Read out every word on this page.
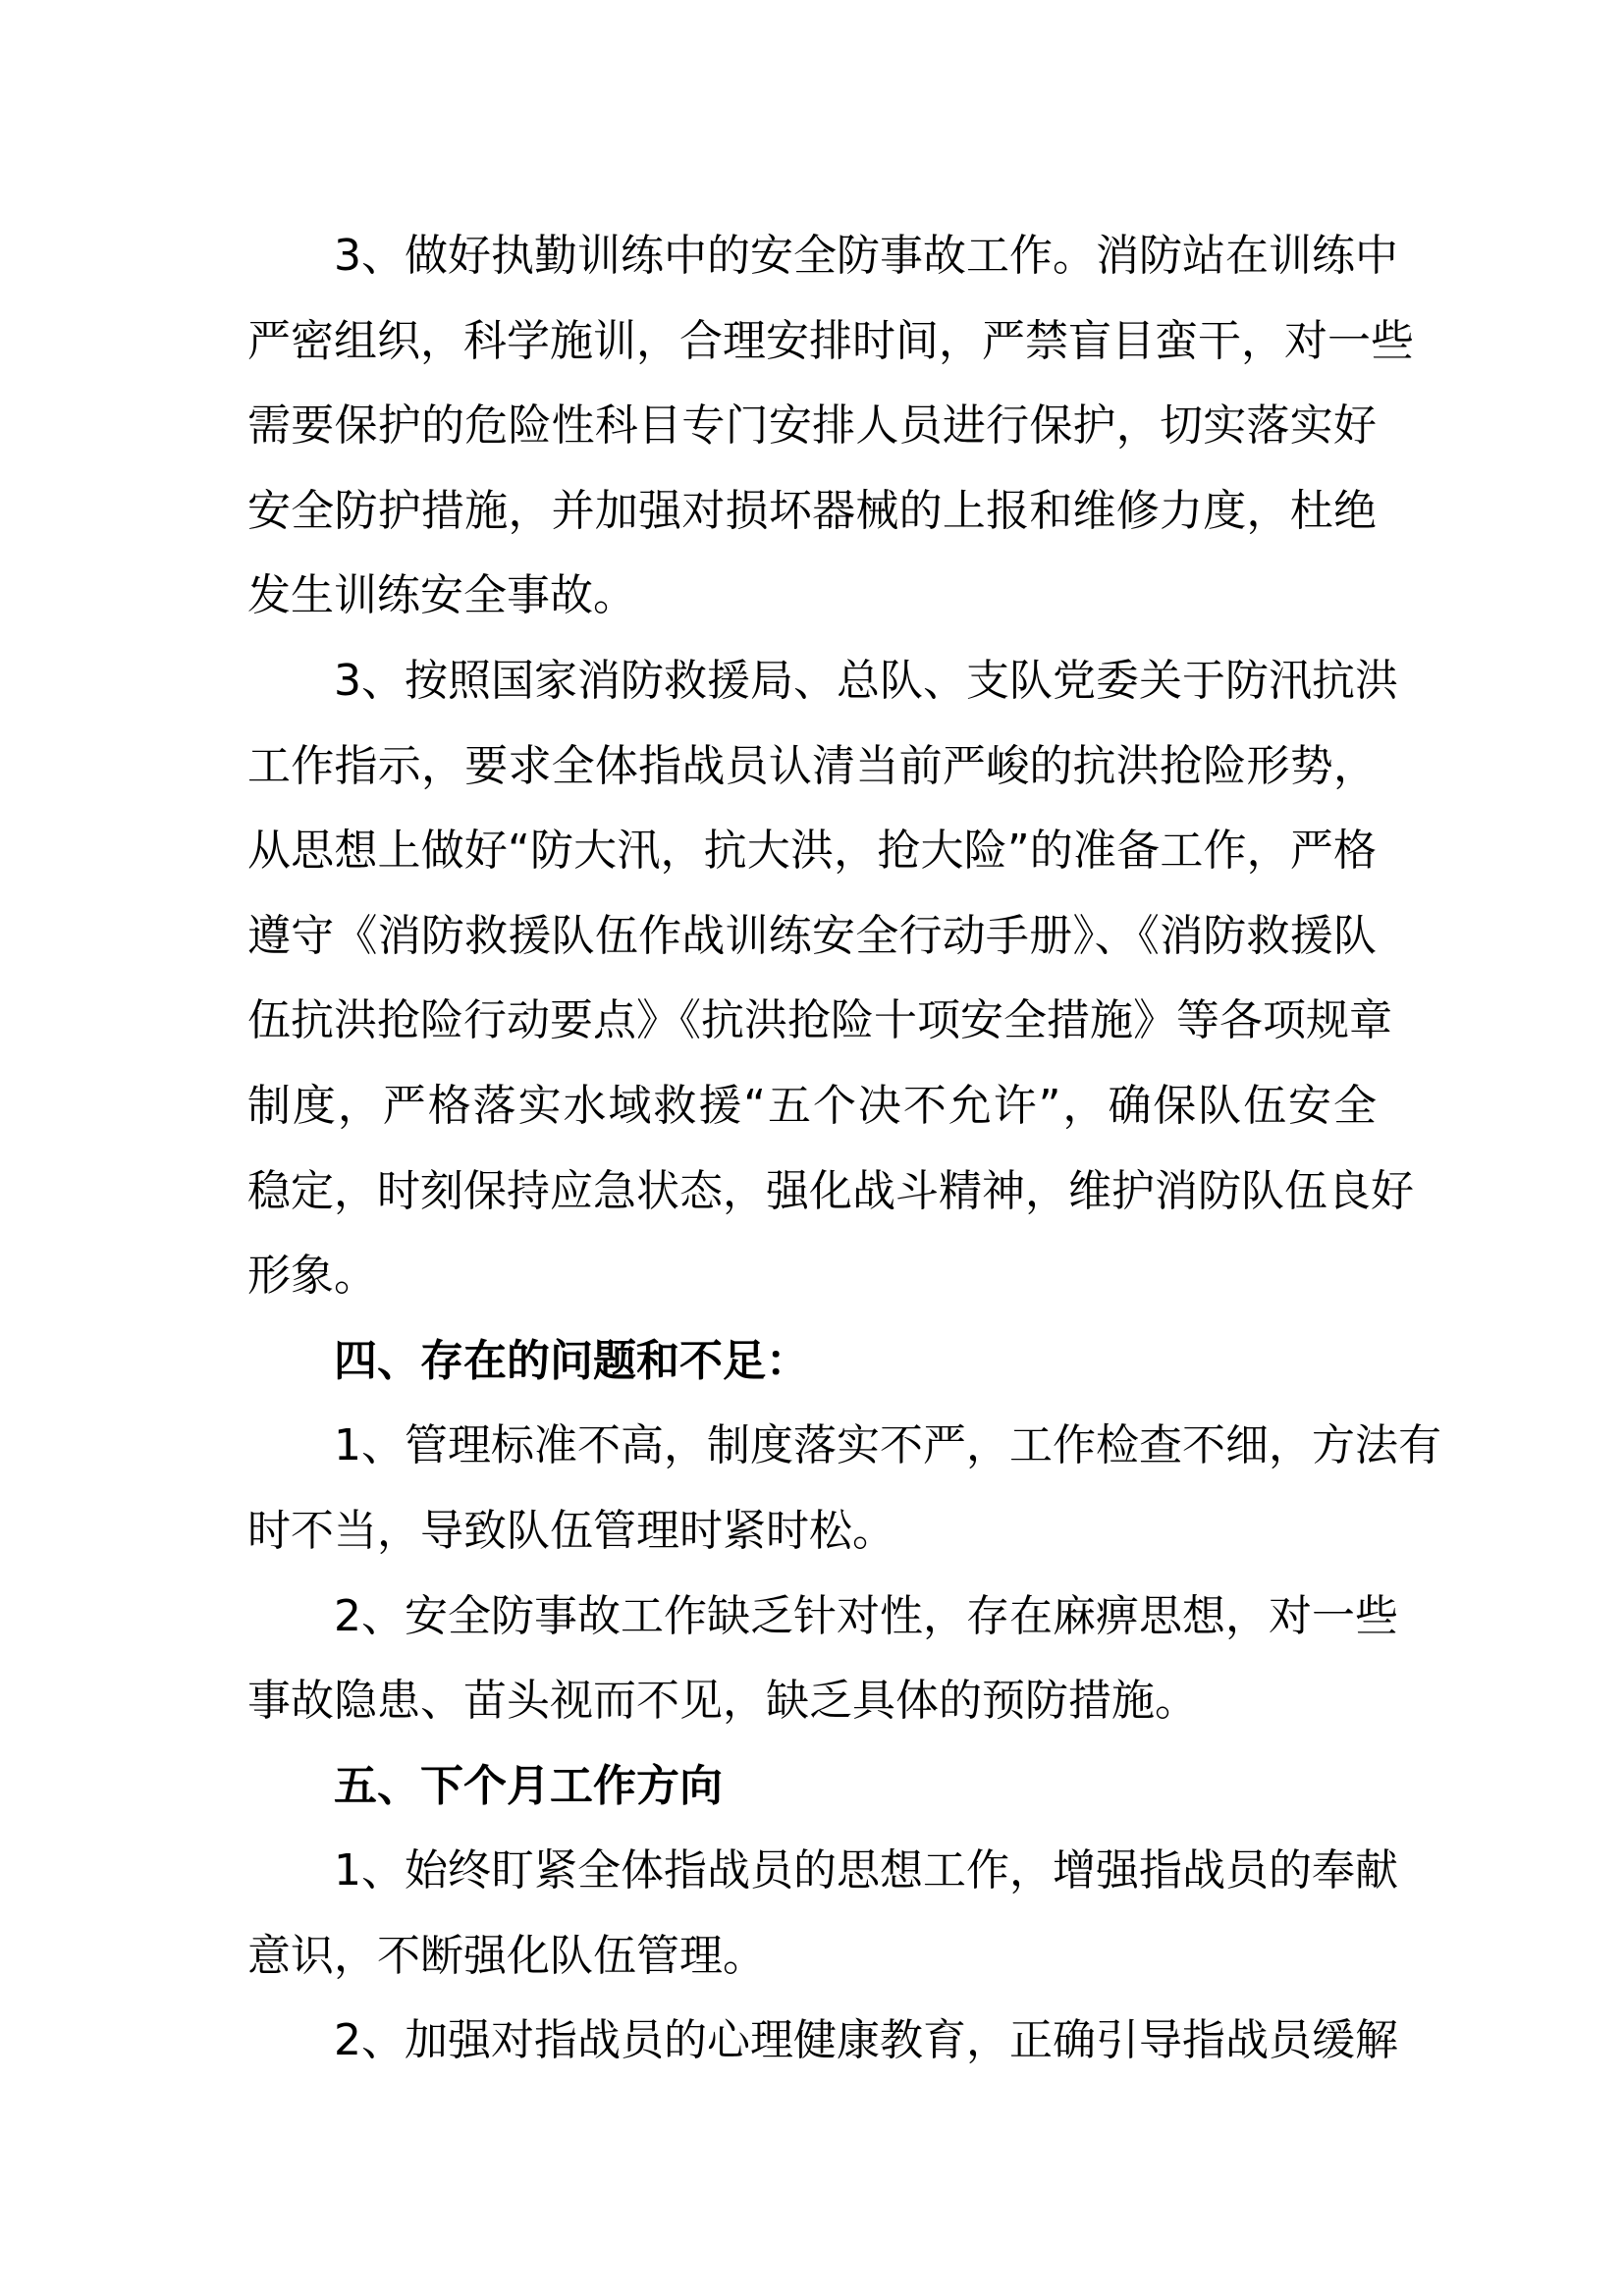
3、做好执勤训练中的安全防事故工作。消防站在训练中
严密组织，科学施训，合理安排时间，严禁盲目蛮干，对一些
需要保护的危险性科目专门安排人员进行保护，切实落实好
安全防护措施，并加强对损坏器械的上报和维修力度，杜绝
发生训练安全事故。
3、按照国家消防救援局、总队、支队党委关于防汛抗洪
工作指示，要求全体指战员认清当前严峻的抗洪抢险形势，
从思想上做好“防大汛，抗大洪，抢大险”的准备工作，严格
遵守《消防救援队伍作战训练安全行动手册》、《消防救援队
伍抗洪抢险行动要点》《抗洪抢险十项安全措施》等各项规章
制度，严格落实水域救援“五个决不允许”，确保队伍安全
稳定，时刻保持应急状态，强化战斗精神，维护消防队伍良好
形象。
四、存在的问题和不足：
1、管理标准不高，制度落实不严，工作检查不细，方法有
时不当，导致队伍管理时紧时松。
2、安全防事故工作缺乏针对性，存在麻痹思想，对一些
事故隐患、苗头视而不见，缺乏具体的预防措施。
五、下个月工作方向
1、始终盯紧全体指战员的思想工作，增强指战员的奉献
意识，不断强化队伍管理。
2、加强对指战员的心理健康教育，正确引导指战员缓解
